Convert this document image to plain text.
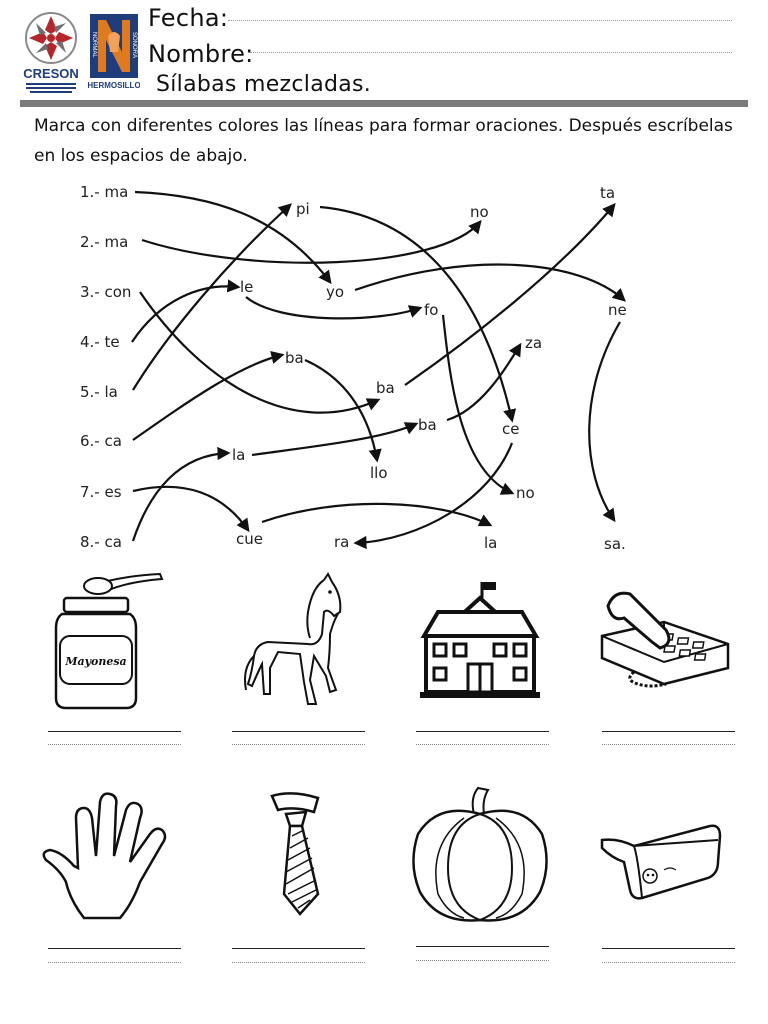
CRESON
NORMAL	SONORA
HERMOSILLO
Fecha:
Nombre:
Sílabas mezcladas.
Marca con diferentes colores las líneas para formar oraciones. Después escríbelas en los espacios de abajo.
1.- ma
2.- ma
3.- con
4.- te
5.- la
6.- ca
7.- es
8.- ca
pi	no
ta
le	yo
fo	ne
ba
ba
za
ba	ce
la
llo
no
cue	ra	la	sa.
Mayonesa
